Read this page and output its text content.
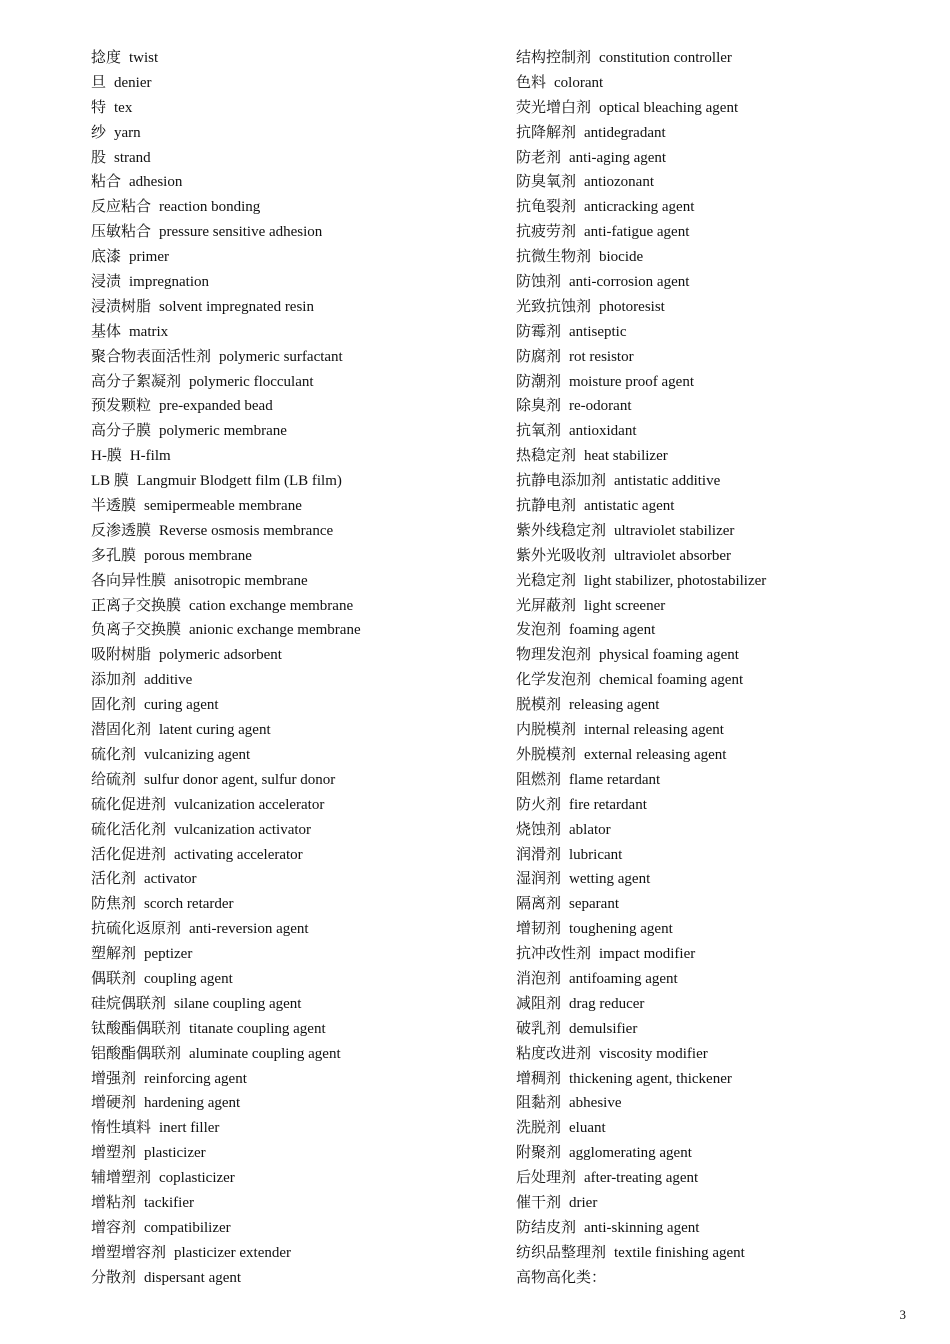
捻度 twist
旦 denier
特 tex
纱 yarn
股 strand
粘合 adhesion
反应粘合 reaction bonding
压敏粘合 pressure sensitive adhesion
底漆 primer
浸渍 impregnation
浸渍树脂 solvent impregnated resin
基体 matrix
聚合物表面活性剂 polymeric surfactant
高分子絮凝剂 polymeric flocculant
预发颗粒 pre-expanded bead
高分子膜 polymeric membrane
H-膜 H-film
LB 膜 Langmuir Blodgett film (LB film)
半透膜 semipermeable membrane
反渗透膜 Reverse osmosis membrance
多孔膜 porous membrane
各向异性膜 anisotropic membrane
正离子交换膜 cation exchange membrane
负离子交换膜 anionic exchange membrane
吸附树脂 polymeric adsorbent
添加剂 additive
固化剂 curing agent
潜固化剂 latent curing agent
硫化剂 vulcanizing agent
给硫剂 sulfur donor agent, sulfur donor
硫化促进剂 vulcanization accelerator
硫化活化剂 vulcanization activator
活化促进剂 activating accelerator
活化剂 activator
防焦剂 scorch retarder
抗硫化返原剂 anti-reversion agent
塑解剂 peptizer
偶联剂 coupling agent
硅烷偶联剂 silane coupling agent
钛酸酯偶联剂 titanate coupling agent
铝酸酯偶联剂 aluminate coupling agent
增强剂 reinforcing agent
增硬剂 hardening agent
惰性填料 inert filler
增塑剂 plasticizer
辅增塑剂 coplasticizer
增粘剂 tackifier
增容剂 compatibilizer
增塑增容剂 plasticizer extender
分散剂 dispersant agent
结构控制剂 constitution controller
色料 colorant
荧光增白剂 optical bleaching agent
抗降解剂 antidegradant
防老剂 anti-aging agent
防臭氧剂 antiozonant
抗龟裂剂 anticracking agent
抗疲劳剂 anti-fatigue agent
抗微生物剂 biocide
防蚀剂 anti-corrosion agent
光致抗蚀剂 photoresist
防霉剂 antiseptic
防腐剂 rot resistor
防潮剂 moisture proof agent
除臭剂 re-odorant
抗氧剂 antioxidant
热稳定剂 heat stabilizer
抗静电添加剂 antistatic additive
抗静电剂 antistatic agent
紫外线稳定剂 ultraviolet stabilizer
紫外光吸收剂 ultraviolet absorber
光稳定剂 light stabilizer, photostabilizer
光屏蔽剂 light screener
发泡剂 foaming agent
物理发泡剂 physical foaming agent
化学发泡剂 chemical foaming agent
脱模剂 releasing agent
内脱模剂 internal releasing agent
外脱模剂 external releasing agent
阻燃剂 flame retardant
防火剂 fire retardant
烧蚀剂 ablator
润滑剂 lubricant
湿润剂 wetting agent
隔离剂 separant
增韧剂 toughening agent
抗冲改性剂 impact modifier
消泡剂 antifoaming agent
减阻剂 drag reducer
破乳剂 demulsifier
粘度改进剂 viscosity modifier
增稠剂 thickening agent, thickener
阻黏剂 abhesive
洗脱剂 eluant
附聚剂 agglomerating agent
后处理剂 after-treating agent
催干剂 drier
防结皮剂 anti-skinning agent
纺织品整理剂 textile finishing agent
高物高化类：
3
